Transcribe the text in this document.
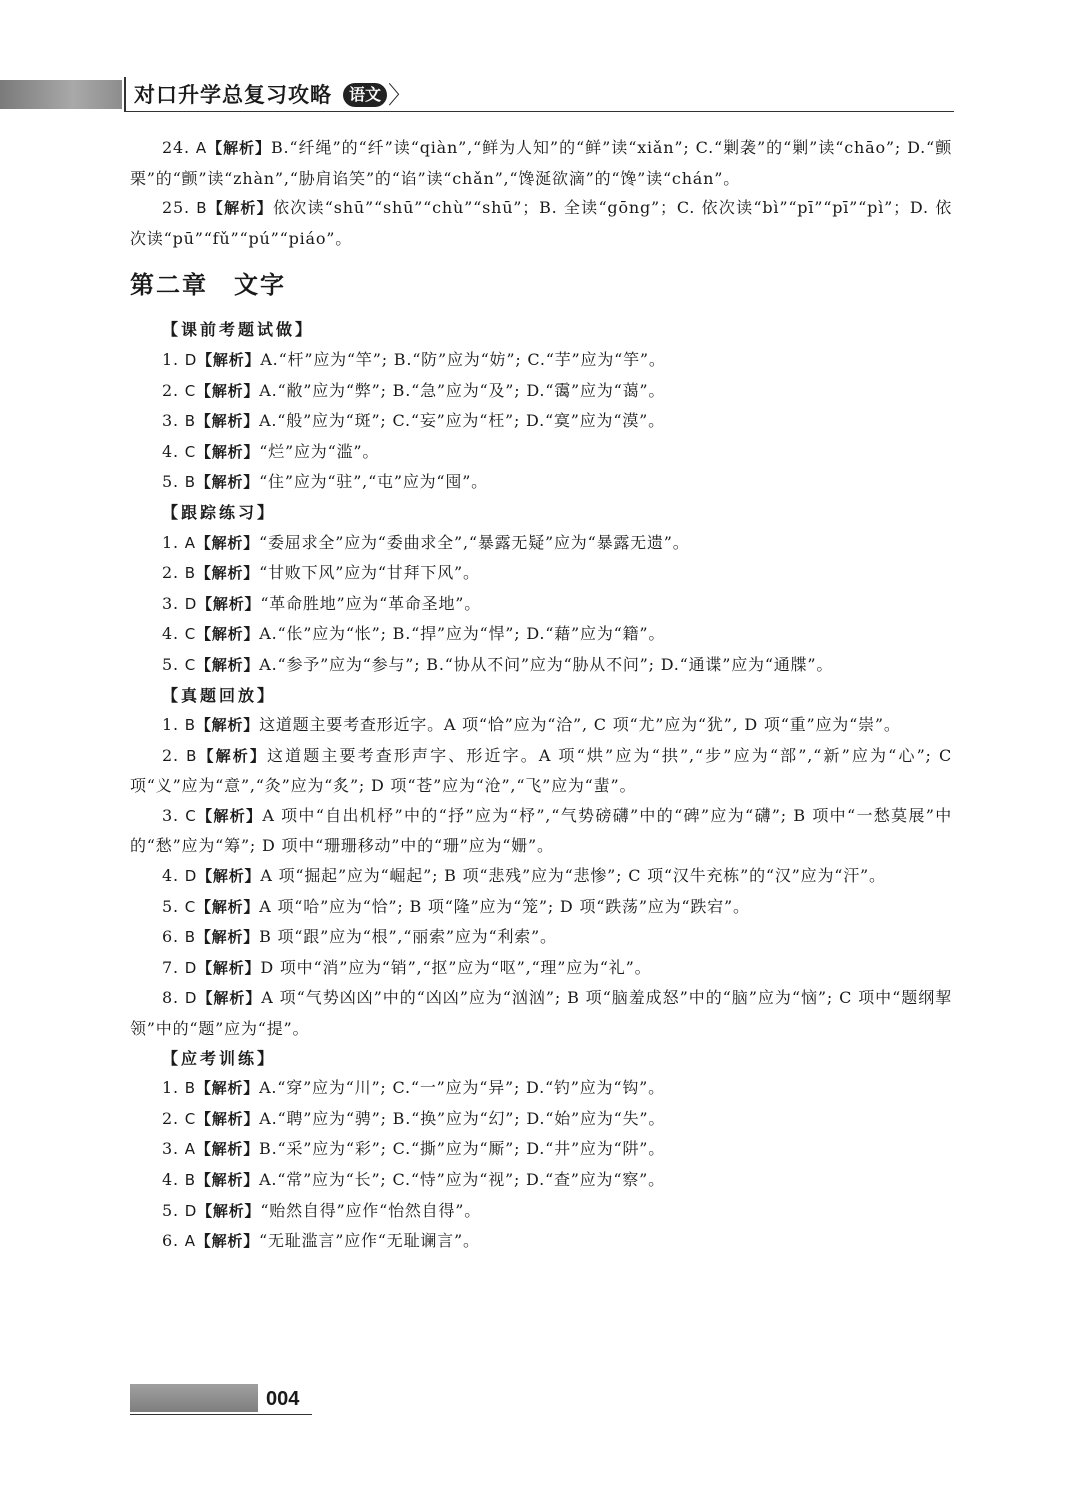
对口升学总复习攻略	语文 〉

24. A【解析】B.“纤绳”的“纤”读“qiàn”,“鲜为人知”的“鲜”读“xiǎn”; C.“剿袭”的“剿”读“chāo”; D.“颤栗”的“颤”读“zhàn”,“胁肩谄笑”的“谄”读“chǎn”,“馋涎欲滴”的“馋”读“chán”。

25. B【解析】依次读“shū”“shū”“chù”“shū”；B. 全读“gōng”；C. 依次读“bì”“pī”“pī”“pì”；D. 依次读“pū”“fǔ”“pú”“piáo”。

第二章 文字
【课前考题试做】

1. D【解析】A.“杆”应为“竿”; B.“防”应为“妨”; C.“芋”应为“竽”。

2. C【解析】A.“敝”应为“弊”; B.“急”应为“及”; D.“霭”应为“蔼”。

3. B【解析】A.“般”应为“斑”; C.“妄”应为“枉”; D.“寞”应为“漠”。

4. C【解析】“烂”应为“滥”。

5. B【解析】“住”应为“驻”,“屯”应为“囤”。

【跟踪练习】

1. A【解析】“委屈求全”应为“委曲求全”,“暴露无疑”应为“暴露无遗”。

2. B【解析】“甘败下风”应为“甘拜下风”。

3. D【解析】“革命胜地”应为“革命圣地”。

4. C【解析】A.“伥”应为“怅”; B.“捍”应为“悍”; D.“藉”应为“籍”。

5. C【解析】A.“参予”应为“参与”; B.“协从不问”应为“胁从不问”; D.“通谍”应为“通牒”。

【真题回放】

1. B【解析】这道题主要考查形近字。A 项“恰”应为“洽”, C 项“尤”应为“犹”, D 项“重”应为“崇”。

2. B【解析】这道题主要考查形声字、形近字。A 项“烘”应为“拱”,“步”应为“部”,“新”应为“心”; C 项“义”应为“意”,“灸”应为“炙”; D 项“苍”应为“沧”,“飞”应为“蜚”。

3. C【解析】A 项中“自出机杼”中的“抒”应为“杼”,“气势磅礴”中的“碑”应为“礴”; B 项中“一愁莫展”中的“愁”应为“筹”; D 项中“珊珊移动”中的“珊”应为“姗”。

4. D【解析】A 项“掘起”应为“崛起”; B 项“悲残”应为“悲惨”; C 项“汉牛充栋”的“汉”应为“汗”。

5. C【解析】A 项“哈”应为“恰”; B 项“隆”应为“笼”; D 项“跌荡”应为“跌宕”。

6. B【解析】B 项“跟”应为“根”,“丽索”应为“利索”。

7. D【解析】D 项中“消”应为“销”,“抠”应为“呕”,“理”应为“礼”。

8. D【解析】A 项“气势凶凶”中的“凶凶”应为“汹汹”; B 项“脑羞成怒”中的“脑”应为“恼”; C 项中“题纲挈领”中的“题”应为“提”。

【应考训练】

1. B【解析】A.“穿”应为“川”; C.“一”应为“异”; D.“钓”应为“钩”。

2. C【解析】A.“聘”应为“骋”; B.“换”应为“幻”; D.“始”应为“失”。

3. A【解析】B.“采”应为“彩”; C.“撕”应为“厮”; D.“井”应为“阱”。

4. B【解析】A.“常”应为“长”; C.“恃”应为“视”; D.“查”应为“察”。

5. D【解析】“贻然自得”应作“怡然自得”。

6. A【解析】“无耻滥言”应作“无耻谰言”。

004
